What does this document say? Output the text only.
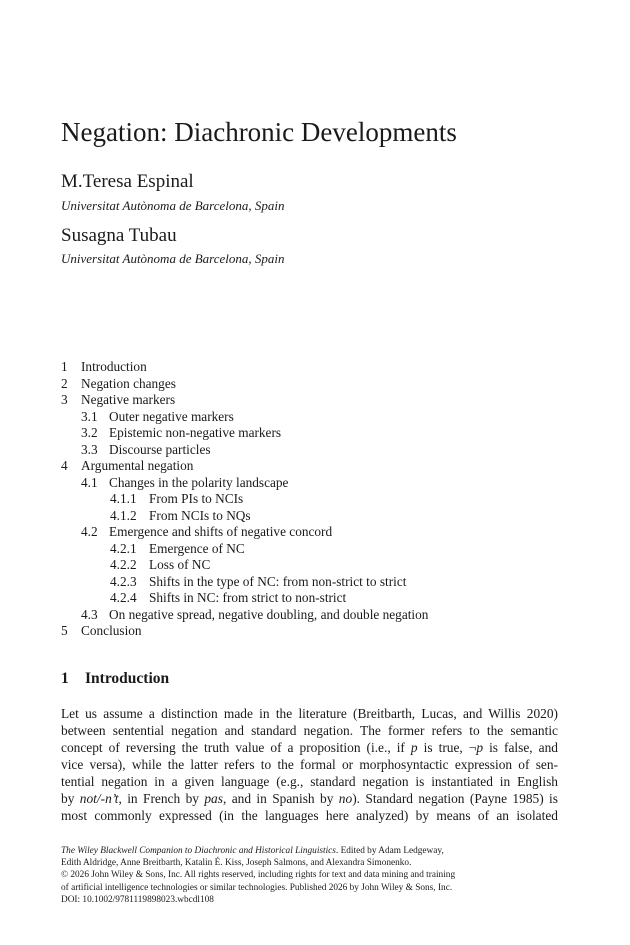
Negation: Diachronic Developments
M.Teresa Espinal
Universitat Autònoma de Barcelona, Spain
Susagna Tubau
Universitat Autònoma de Barcelona, Spain
1 Introduction
2 Negation changes
3 Negative markers
3.1 Outer negative markers
3.2 Epistemic non-negative markers
3.3 Discourse particles
4 Argumental negation
4.1 Changes in the polarity landscape
4.1.1 From PIs to NCIs
4.1.2 From NCIs to NQs
4.2 Emergence and shifts of negative concord
4.2.1 Emergence of NC
4.2.2 Loss of NC
4.2.3 Shifts in the type of NC: from non-strict to strict
4.2.4 Shifts in NC: from strict to non-strict
4.3 On negative spread, negative doubling, and double negation
5 Conclusion
1 Introduction

Let us assume a distinction made in the literature (Breitbarth, Lucas, and Willis 2020)
between sentential negation and standard negation. The former refers to the semantic
concept of reversing the truth value of a proposition (i.e., if p is true, ¬p is false, and
vice versa), while the latter refers to the formal or morphosyntactic expression of sen-
tential negation in a given language (e.g., standard negation is instantiated in English
by not/-n’t, in French by pas, and in Spanish by no). Standard negation (Payne 1985) is
most commonly expressed (in the languages here analyzed) by means of an isolated

The Wiley Blackwell Companion to Diachronic and Historical Linguistics. Edited by Adam Ledgeway,
Edith Aldridge, Anne Breitbarth, Katalin É. Kiss, Joseph Salmons, and Alexandra Simonenko.
© 2026 John Wiley & Sons, Inc. All rights reserved, including rights for text and data mining and training
of artificial intelligence technologies or similar technologies. Published 2026 by John Wiley & Sons, Inc.
DOI: 10.1002/9781119898023.wbcdl108
